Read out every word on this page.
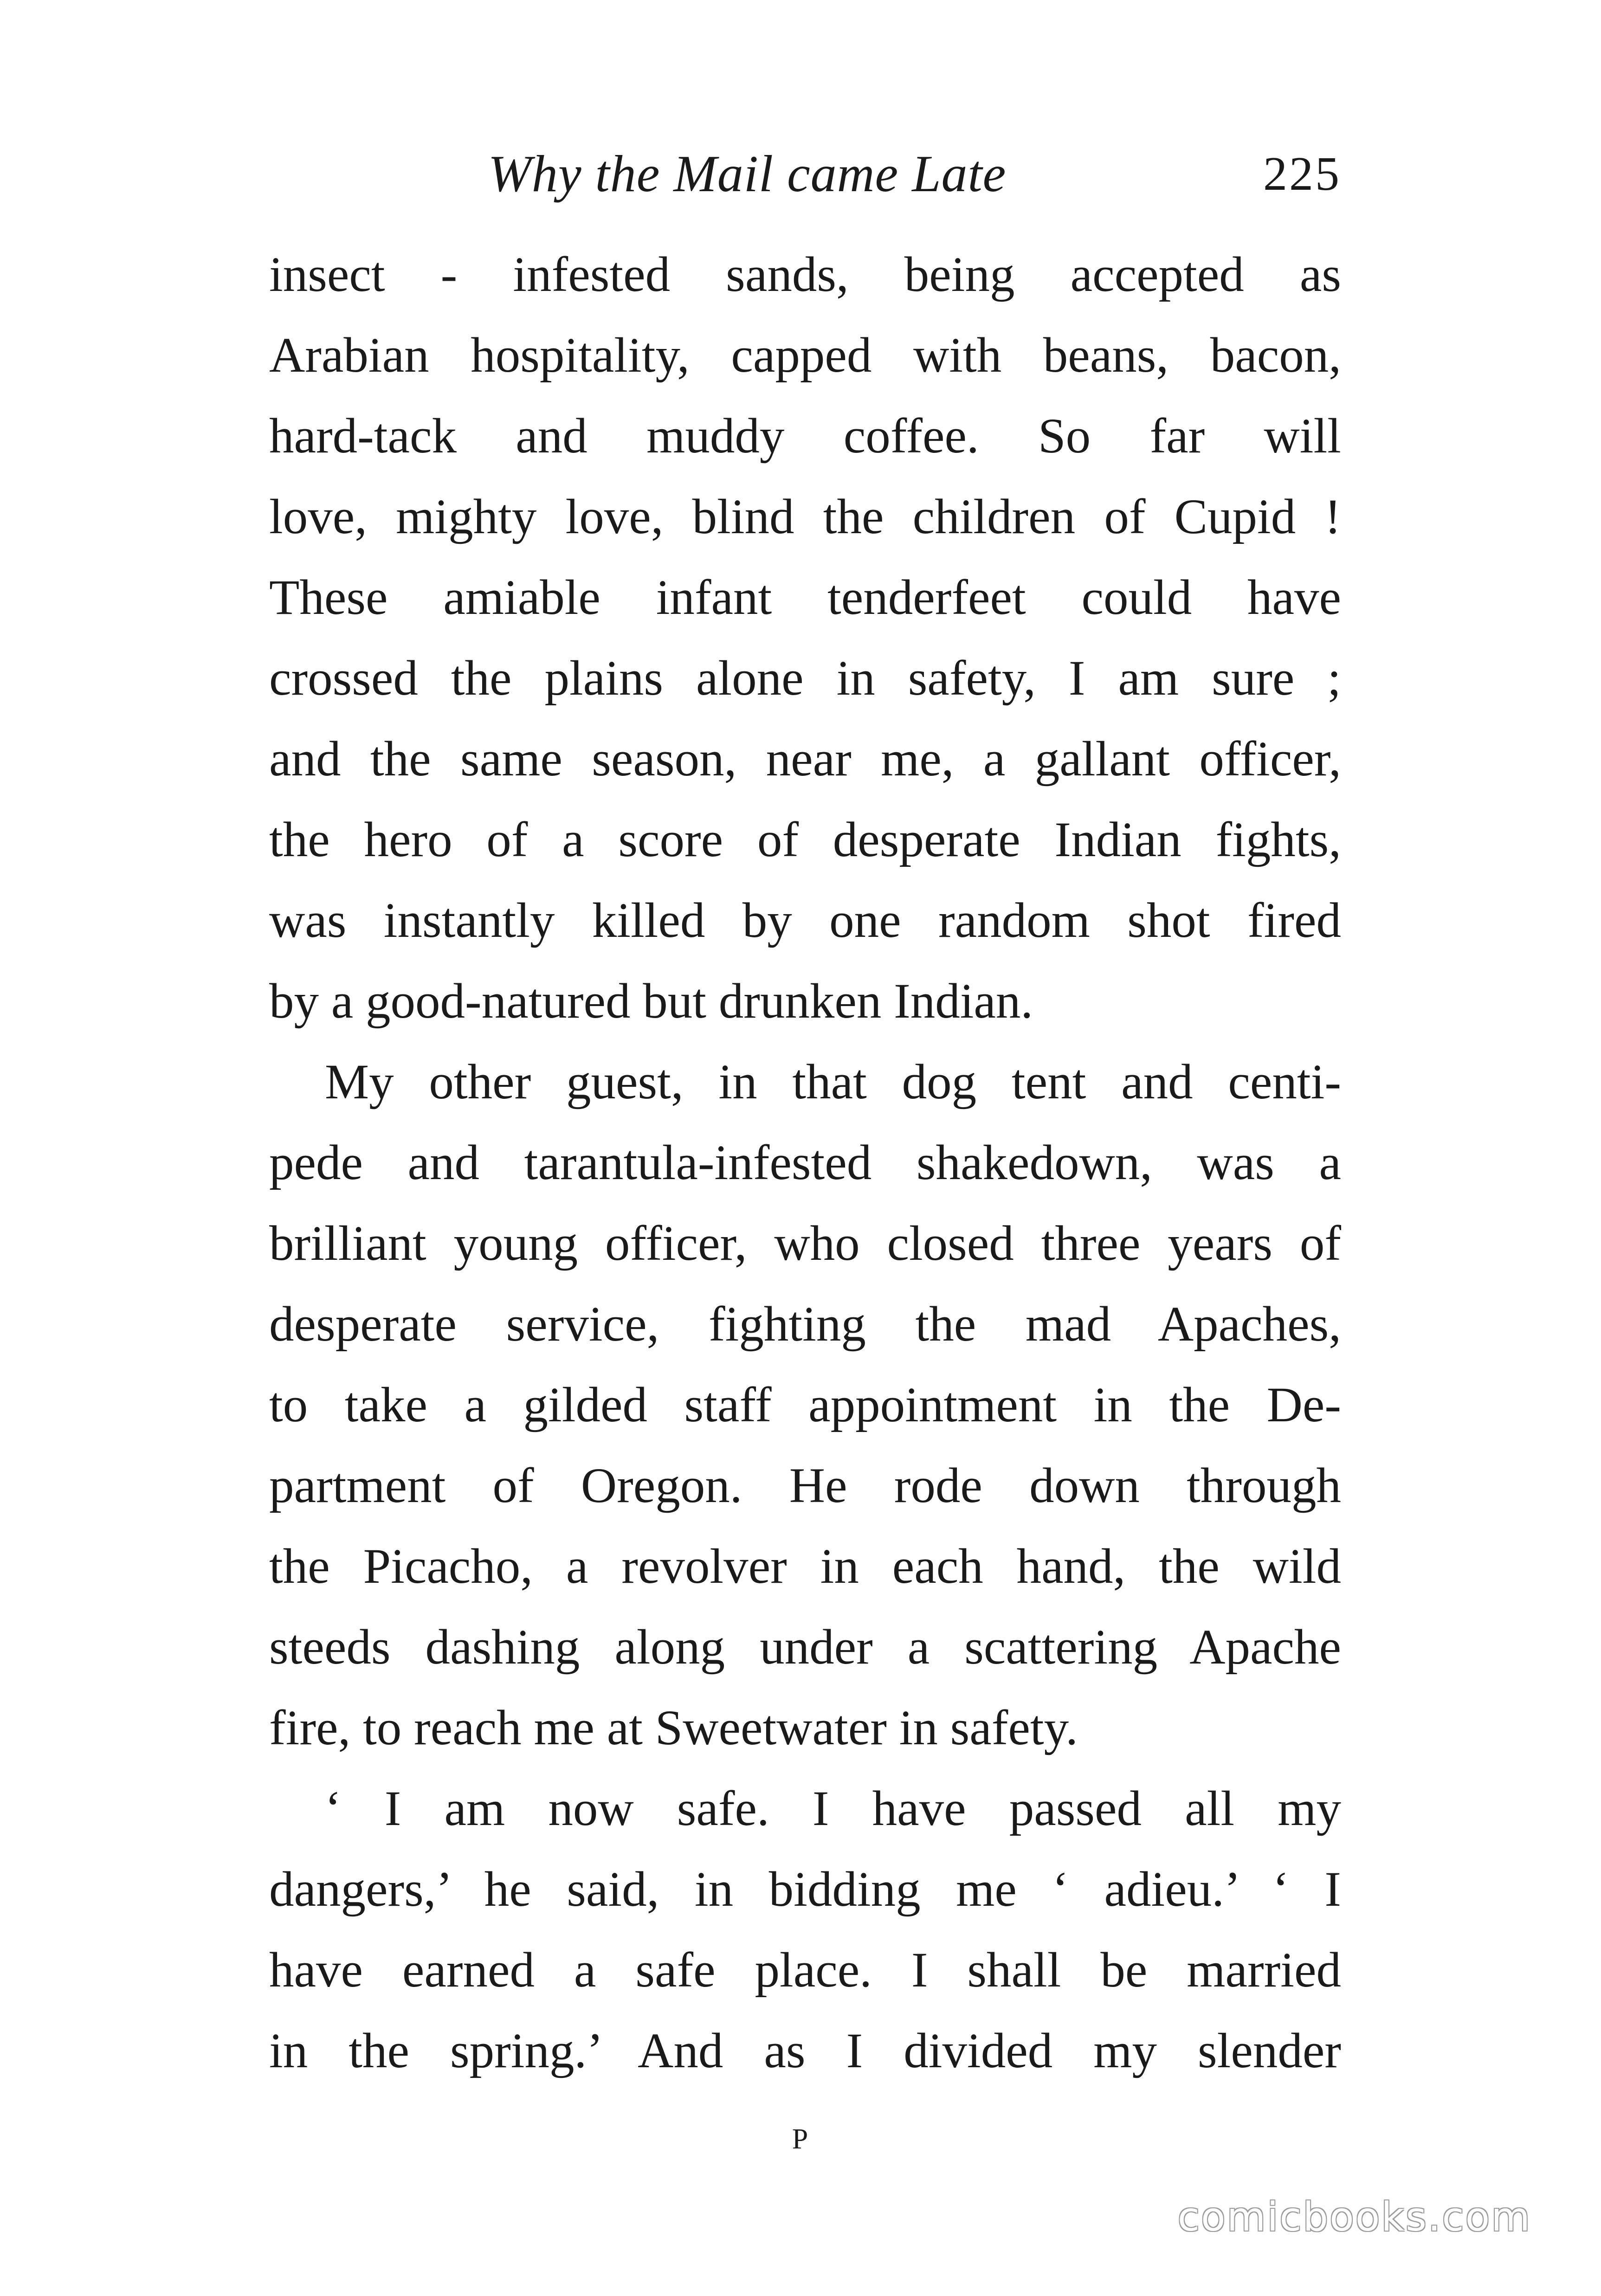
Why the Mail came Late	225
insect - infested sands, being accepted as
Arabian hospitality, capped with beans, bacon,
hard-tack and muddy coffee. So far will
love, mighty love, blind the children of Cupid !
These amiable infant tenderfeet could have
crossed the plains alone in safety, I am sure ;
and the same season, near me, a gallant officer,
the hero of a score of desperate Indian fights,
was instantly killed by one random shot fired
by a good-natured but drunken Indian.
My other guest, in that dog tent and centi-
pede and tarantula-infested shakedown, was a
brilliant young officer, who closed three years of
desperate service, fighting the mad Apaches,
to take a gilded staff appointment in the De-
partment of Oregon. He rode down through
the Picacho, a revolver in each hand, the wild
steeds dashing along under a scattering Apache
fire, to reach me at Sweetwater in safety.
‘ I am now safe. I have passed all my
dangers,’ he said, in bidding me ‘ adieu.’ ‘ I
have earned a safe place. I shall be married
in the spring.’ And as I divided my slender
P
comicbooks.com
